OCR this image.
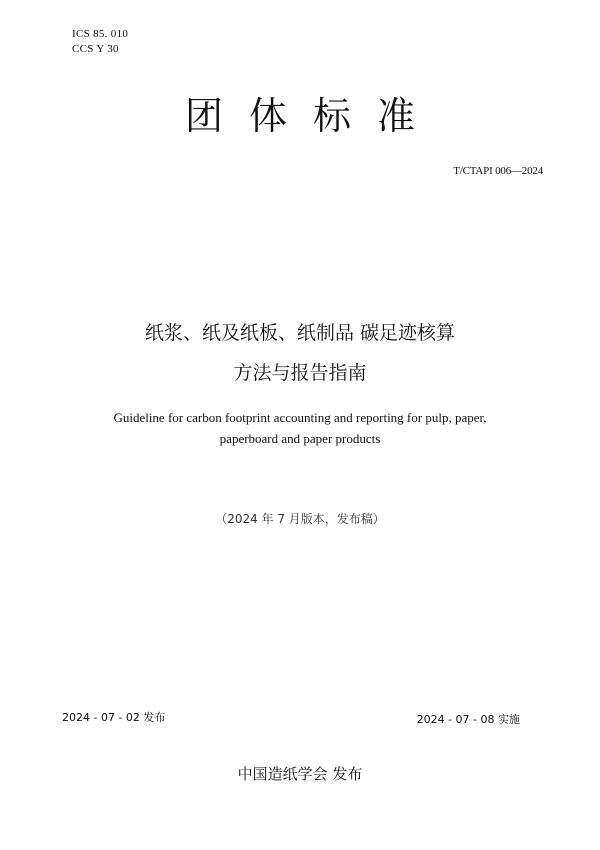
ICS 85. 010
CCS Y 30
团体标准
T/CTAPI 006—2024
纸浆、纸及纸板、纸制品 碳足迹核算
方法与报告指南
Guideline for carbon footprint accounting and reporting for pulp, paper,
paperboard and paper products
（2024 年 7 月版本，发布稿）
2024 - 07 - 02 发布	2024 - 07 - 08 实施
中国造纸学会 发布
